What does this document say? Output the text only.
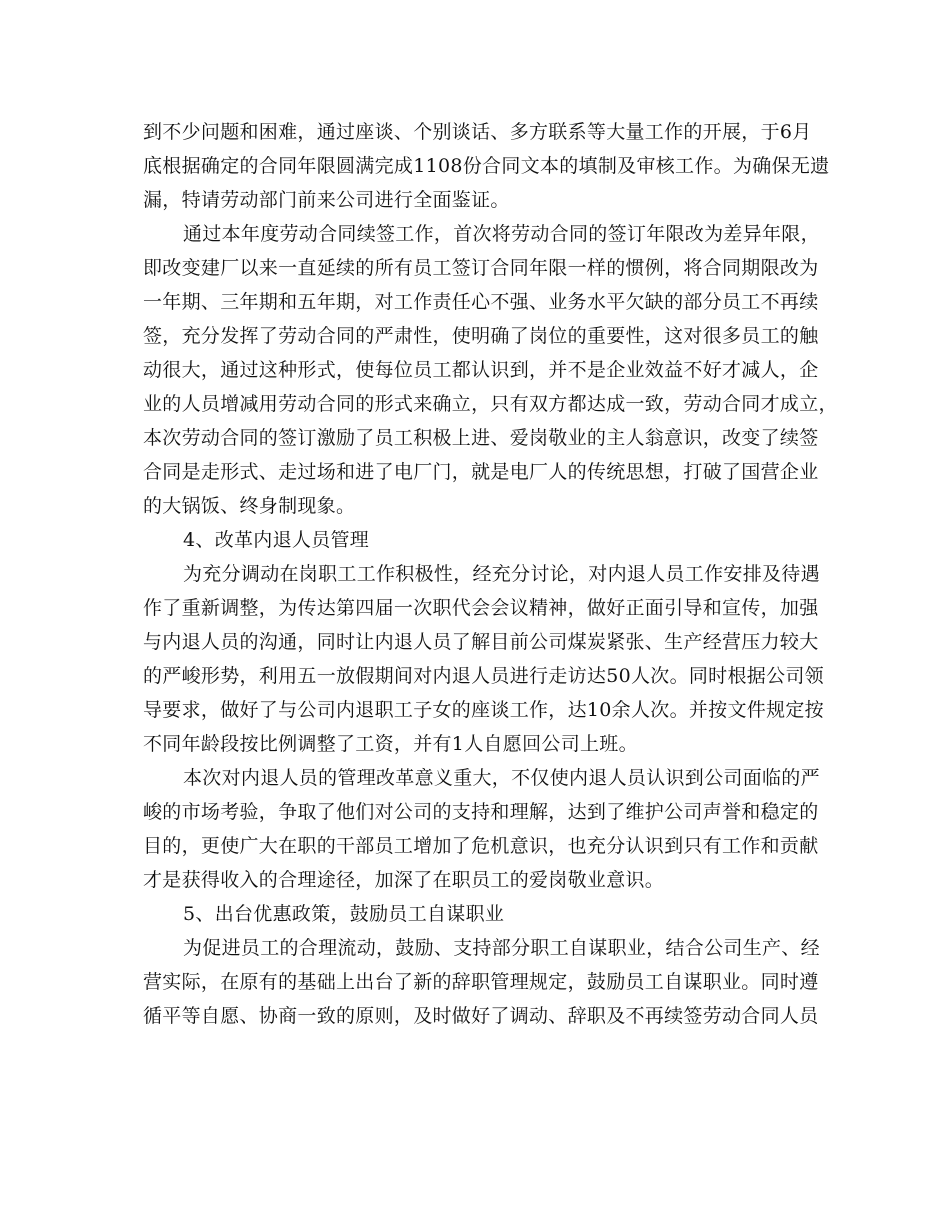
到不少问题和困难，通过座谈、个别谈话、多方联系等大量工作的开展，于6月
底根据确定的合同年限圆满完成1108份合同文本的填制及审核工作。为确保无遗
漏，特请劳动部门前来公司进行全面鉴证。
通过本年度劳动合同续签工作，首次将劳动合同的签订年限改为差异年限，
即改变建厂以来一直延续的所有员工签订合同年限一样的惯例，将合同期限改为
一年期、三年期和五年期，对工作责任心不强、业务水平欠缺的部分员工不再续
签，充分发挥了劳动合同的严肃性，使明确了岗位的重要性，这对很多员工的触
动很大，通过这种形式，使每位员工都认识到，并不是企业效益不好才减人，企
业的人员增减用劳动合同的形式来确立，只有双方都达成一致，劳动合同才成立，
本次劳动合同的签订激励了员工积极上进、爱岗敬业的主人翁意识，改变了续签
合同是走形式、走过场和进了电厂门，就是电厂人的传统思想，打破了国营企业
的大锅饭、终身制现象。
4、改革内退人员管理
为充分调动在岗职工工作积极性，经充分讨论，对内退人员工作安排及待遇
作了重新调整，为传达第四届一次职代会会议精神，做好正面引导和宣传，加强
与内退人员的沟通，同时让内退人员了解目前公司煤炭紧张、生产经营压力较大
的严峻形势，利用五一放假期间对内退人员进行走访达50人次。同时根据公司领
导要求，做好了与公司内退职工子女的座谈工作，达10余人次。并按文件规定按
不同年龄段按比例调整了工资，并有1人自愿回公司上班。
本次对内退人员的管理改革意义重大，不仅使内退人员认识到公司面临的严
峻的市场考验，争取了他们对公司的支持和理解，达到了维护公司声誉和稳定的
目的，更使广大在职的干部员工增加了危机意识，也充分认识到只有工作和贡献
才是获得收入的合理途径，加深了在职员工的爱岗敬业意识。
5、出台优惠政策，鼓励员工自谋职业
为促进员工的合理流动，鼓励、支持部分职工自谋职业，结合公司生产、经
营实际，在原有的基础上出台了新的辞职管理规定，鼓励员工自谋职业。同时遵
循平等自愿、协商一致的原则，及时做好了调动、辞职及不再续签劳动合同人员
